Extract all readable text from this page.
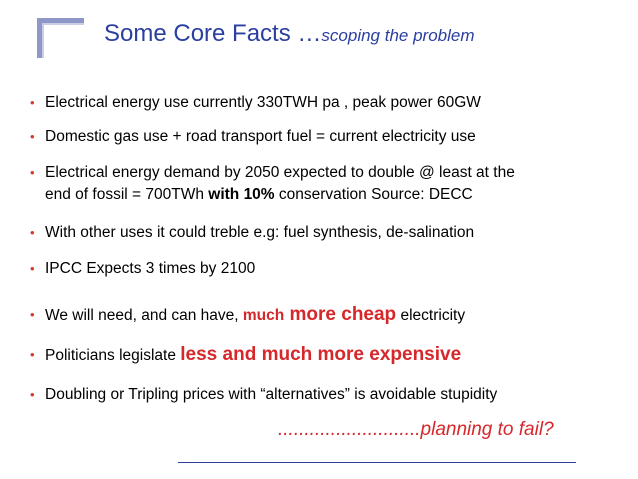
Some Core Facts …scoping the problem
• Electrical energy use currently 330TWH pa , peak power 60GW
• Domestic gas use + road transport fuel = current electricity use
• Electrical energy demand by 2050 expected to double @ least at the
end of fossil = 700TWh with 10% conservation Source: DECC
• With other uses it could treble e.g: fuel synthesis, de-salination
• IPCC Expects 3 times by 2100
• We will need, and can have, much more cheap electricity
• Politicians legislate less and much more expensive
• Doubling or Tripling prices with “alternatives” is avoidable stupidity
...........................planning to fail?
